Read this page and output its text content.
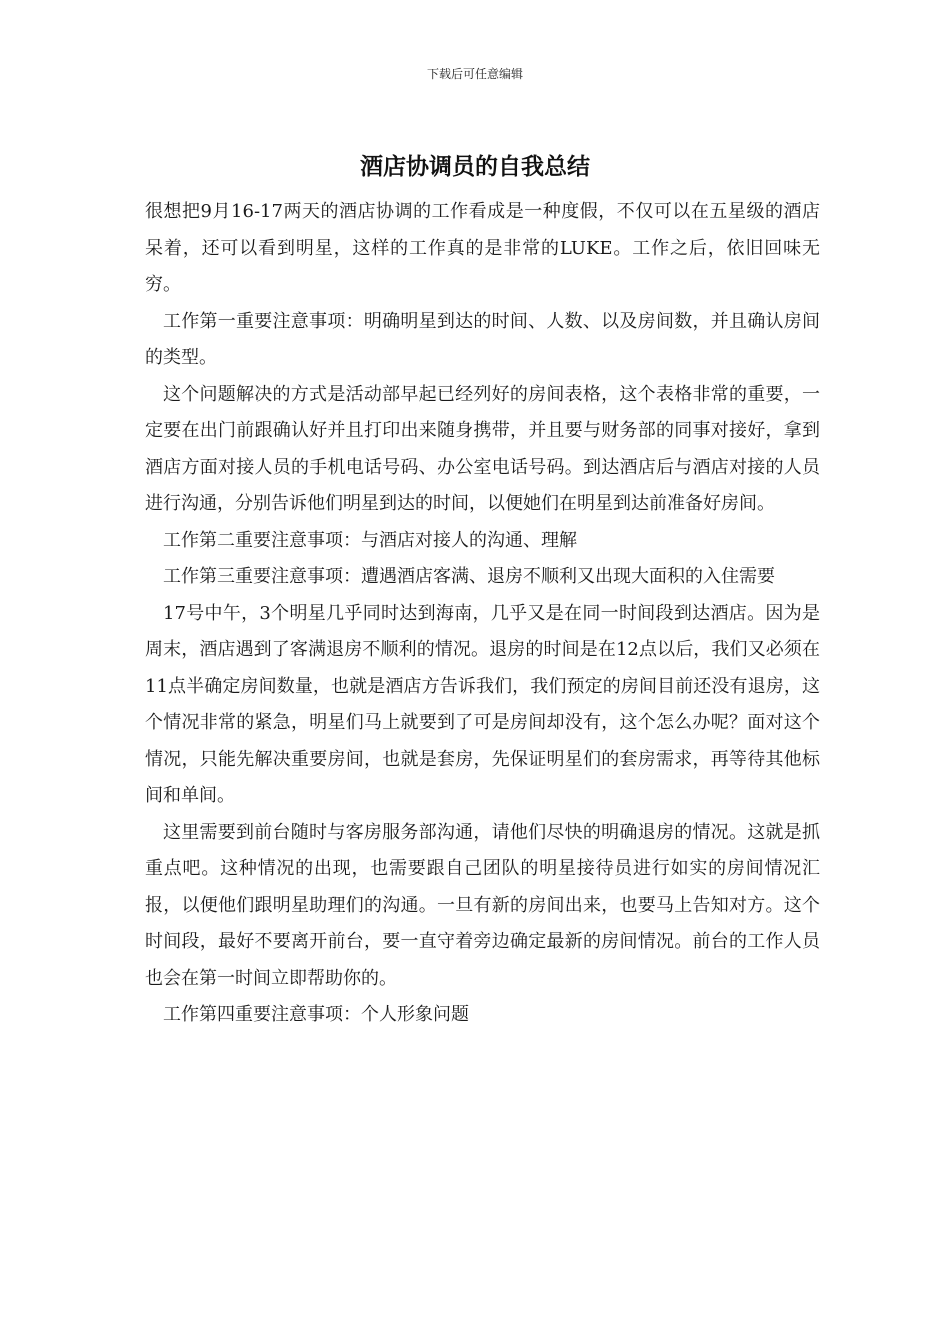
下载后可任意编辑
酒店协调员的自我总结

很想把9月16-17两天的酒店协调的工作看成是一种度假，不仅可以在五星级的酒店呆着，还可以看到明星，这样的工作真的是非常的LUKE。工作之后，依旧回味无穷。

工作第一重要注意事项：明确明星到达的时间、人数、以及房间数，并且确认房间的类型。

这个问题解决的方式是活动部早起已经列好的房间表格，这个表格非常的重要，一定要在出门前跟确认好并且打印出来随身携带，并且要与财务部的同事对接好，拿到酒店方面对接人员的手机电话号码、办公室电话号码。到达酒店后与酒店对接的人员进行沟通，分别告诉他们明星到达的时间，以便她们在明星到达前准备好房间。

工作第二重要注意事项：与酒店对接人的沟通、理解

工作第三重要注意事项：遭遇酒店客满、退房不顺利又出现大面积的入住需要

17号中午，3个明星几乎同时达到海南，几乎又是在同一时间段到达酒店。因为是周末，酒店遇到了客满退房不顺利的情况。退房的时间是在12点以后，我们又必须在11点半确定房间数量，也就是酒店方告诉我们，我们预定的房间目前还没有退房，这个情况非常的紧急，明星们马上就要到了可是房间却没有，这个怎么办呢？面对这个情况，只能先解决重要房间，也就是套房，先保证明星们的套房需求，再等待其他标间和单间。

这里需要到前台随时与客房服务部沟通，请他们尽快的明确退房的情况。这就是抓重点吧。这种情况的出现，也需要跟自己团队的明星接待员进行如实的房间情况汇报，以便他们跟明星助理们的沟通。一旦有新的房间出来，也要马上告知对方。这个时间段，最好不要离开前台，要一直守着旁边确定最新的房间情况。前台的工作人员也会在第一时间立即帮助你的。

工作第四重要注意事项：个人形象问题
